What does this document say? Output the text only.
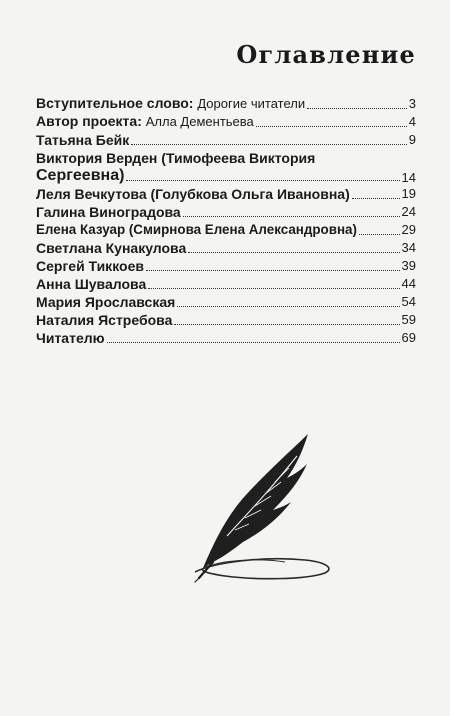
Оглавление
Вступительное слово: Дорогие читатели	3
Автор проекта: Алла Дементьева	4
Татьяна Бейк	9
Виктория Верден (Тимофеева Виктория
Сергеевна)	14
Леля Вечкутова (Голубкова Ольга Ивановна)	19
Галина Виноградова	24
Елена Казуар (Смирнова Елена Александровна)	29
Светлана Кунакулова	34
Сергей Тиккоев	39
Анна Шувалова	44
Мария Ярославская	54
Наталия Ястребова	59
Читателю	69
